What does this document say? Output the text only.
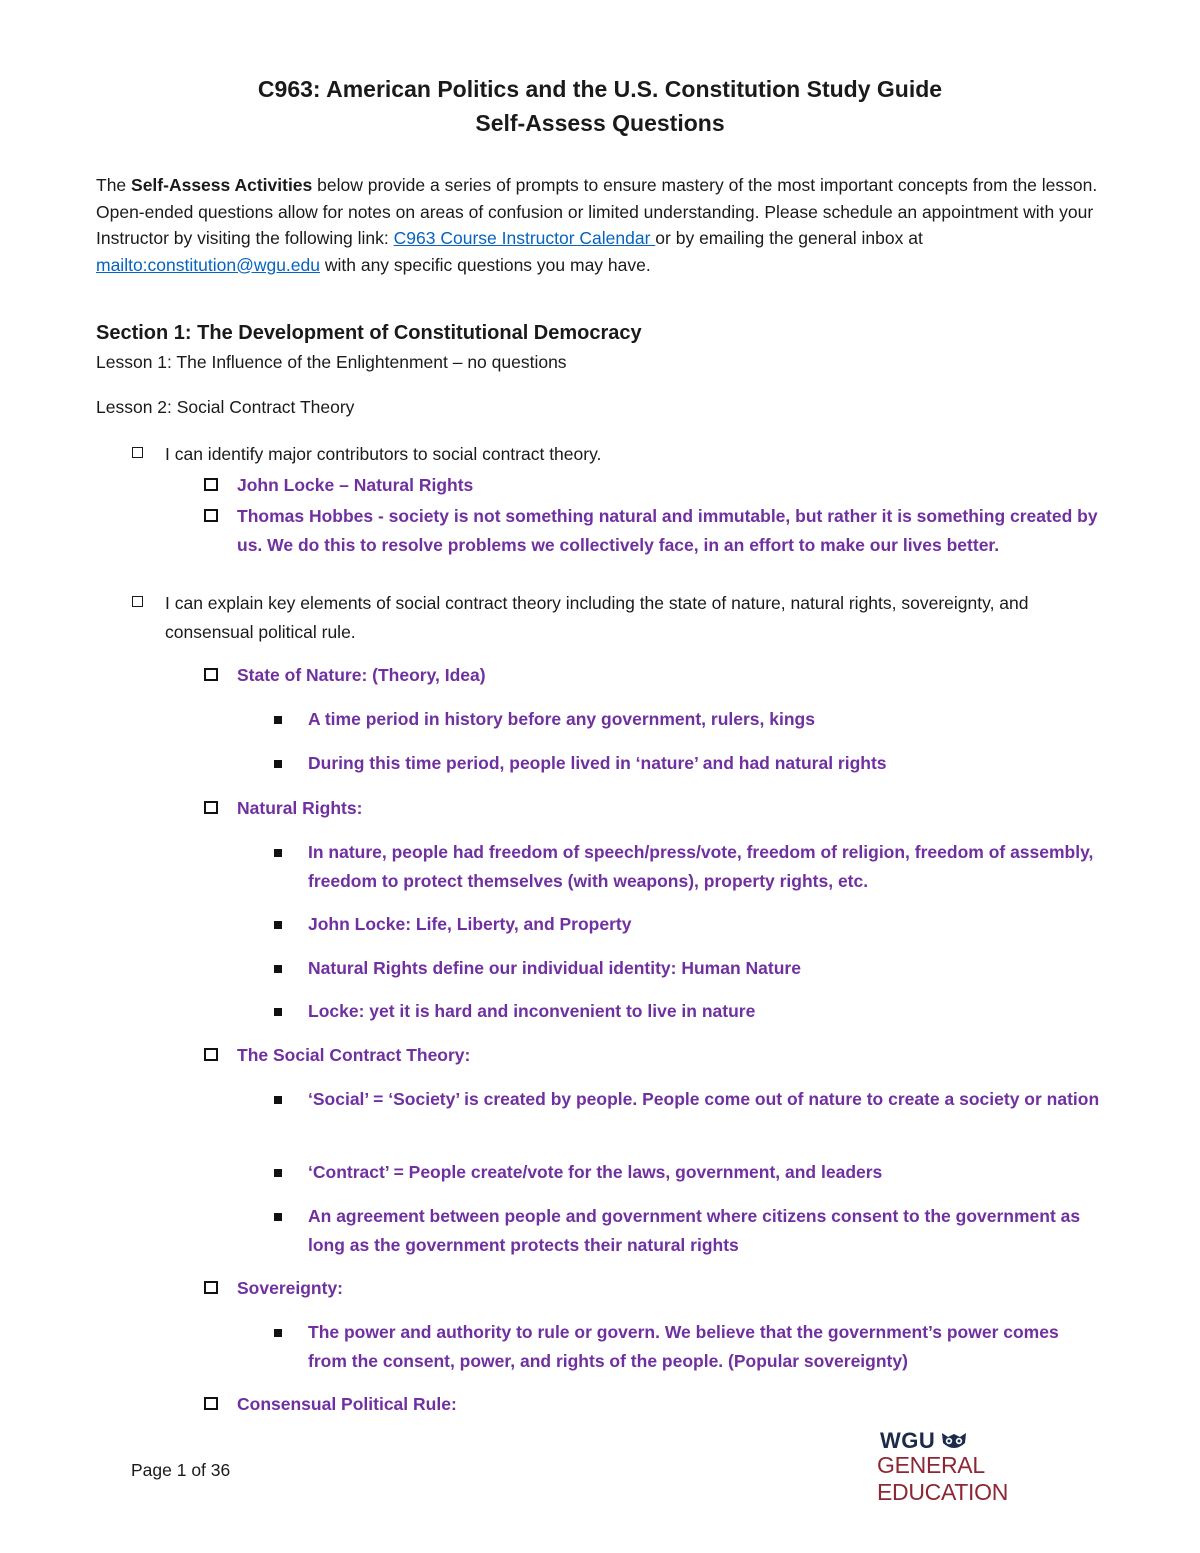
C963: American Politics and the U.S. Constitution Study Guide
Self-Assess Questions
The Self-Assess Activities below provide a series of prompts to ensure mastery of the most important concepts from the lesson. Open-ended questions allow for notes on areas of confusion or limited understanding. Please schedule an appointment with your Instructor by visiting the following link: C963 Course Instructor Calendar or by emailing the general inbox at mailto:constitution@wgu.edu with any specific questions you may have.
Section 1: The Development of Constitutional Democracy
Lesson 1: The Influence of the Enlightenment – no questions
Lesson 2: Social Contract Theory
I can identify major contributors to social contract theory.
John Locke – Natural Rights
Thomas Hobbes - society is not something natural and immutable, but rather it is something created by us. We do this to resolve problems we collectively face, in an effort to make our lives better.
I can explain key elements of social contract theory including the state of nature, natural rights, sovereignty, and consensual political rule.
State of Nature: (Theory, Idea)
A time period in history before any government, rulers, kings
During this time period, people lived in ‘nature’ and had natural rights
Natural Rights:
In nature, people had freedom of speech/press/vote, freedom of religion, freedom of assembly, freedom to protect themselves (with weapons), property rights, etc.
John Locke: Life, Liberty, and Property
Natural Rights define our individual identity: Human Nature
Locke: yet it is hard and inconvenient to live in nature
The Social Contract Theory:
‘Social’ = ‘Society’ is created by people. People come out of nature to create a society or nation
‘Contract’ = People create/vote for the laws, government, and leaders
An agreement between people and government where citizens consent to the government as long as the government protects their natural rights
Sovereignty:
The power and authority to rule or govern. We believe that the government’s power comes from the consent, power, and rights of the people. (Popular sovereignty)
Consensual Political Rule:
Page 1 of 36
WGU
GENERAL EDUCATION
